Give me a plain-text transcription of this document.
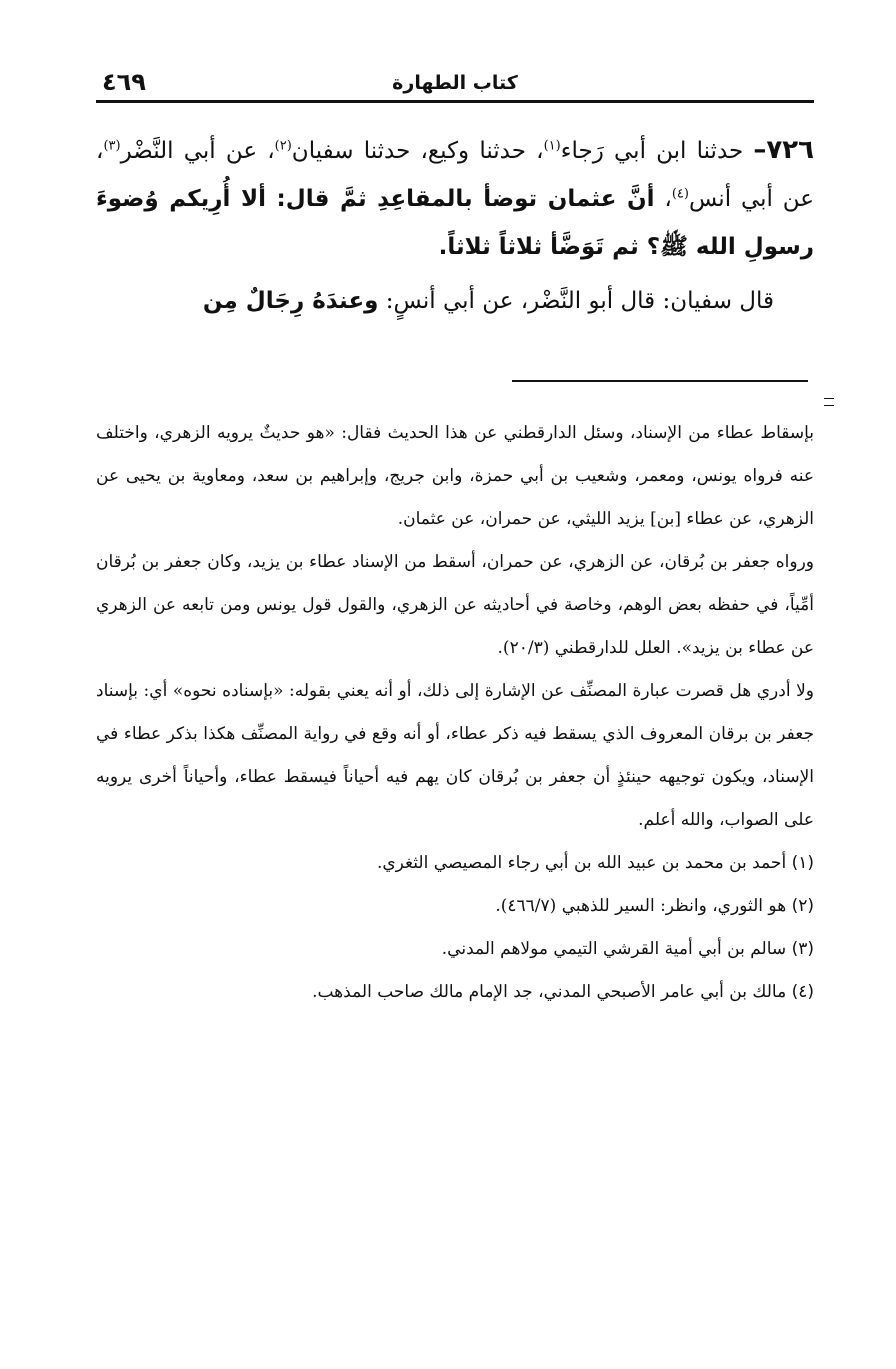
٤٦٩	كتاب الطهارة

٧٢٦– حدثنا ابن أبي رَجاء$^{(١)}$، حدثنا وكيع، حدثنا سفيان$^{(٢)}$، عن أبي النَّضْر$^{(٣)}$، عن أبي أنس$^{(٤)}$، أنَّ عثمان توضأ بالمقاعِدِ ثمَّ قال: ألا أُرِيكم وُضوءَ رسولِ الله ﷺ؟ ثم تَوَضَّأ ثلاثاً ثلاثاً.

قال سفيان: قال أبو النَّضْر، عن أبي أنسٍ: وعندَهُ رِجَالٌ مِن

بإسقاط عطاء من الإسناد، وسئل الدارقطني عن هذا الحديث فقال: «هو حديثٌ يرويه الزهري، واختلف عنه فرواه يونس، ومعمر، وشعيب بن أبي حمزة، وابن جريج، وإبراهيم بن سعد، ومعاوية بن يحيى عن الزهري، عن عطاء [بن] يزيد الليثي، عن حمران، عن عثمان.

ورواه جعفر بن بُرقان، عن الزهري، عن حمران، أسقط من الإسناد عطاء بن يزيد، وكان جعفر بن بُرقان أمِّياً، في حفظه بعض الوهم، وخاصة في أحاديثه عن الزهري، والقول قول يونس ومن تابعه عن الزهري عن عطاء بن يزيد». العلل للدارقطني (٢٠/٣).

ولا أدري هل قصرت عبارة المصنِّف عن الإشارة إلى ذلك، أو أنه يعني بقوله: «بإسناده نحوه» أي: بإسناد جعفر بن برقان المعروف الذي يسقط فيه ذكر عطاء، أو أنه وقع في رواية المصنِّف هكذا بذكر عطاء في الإسناد، ويكون توجيهه حينئذٍ أن جعفر بن بُرقان كان يهم فيه أحياناً فيسقط عطاء، وأحياناً أخرى يرويه على الصواب، والله أعلم.

(١) أحمد بن محمد بن عبيد الله بن أبي رجاء المصيصي الثغري.

(٢) هو الثوري، وانظر: السير للذهبي (٤٦٦/٧).

(٣) سالم بن أبي أمية القرشي التيمي مولاهم المدني.

(٤) مالك بن أبي عامر الأصبحي المدني، جد الإمام مالك صاحب المذهب.
